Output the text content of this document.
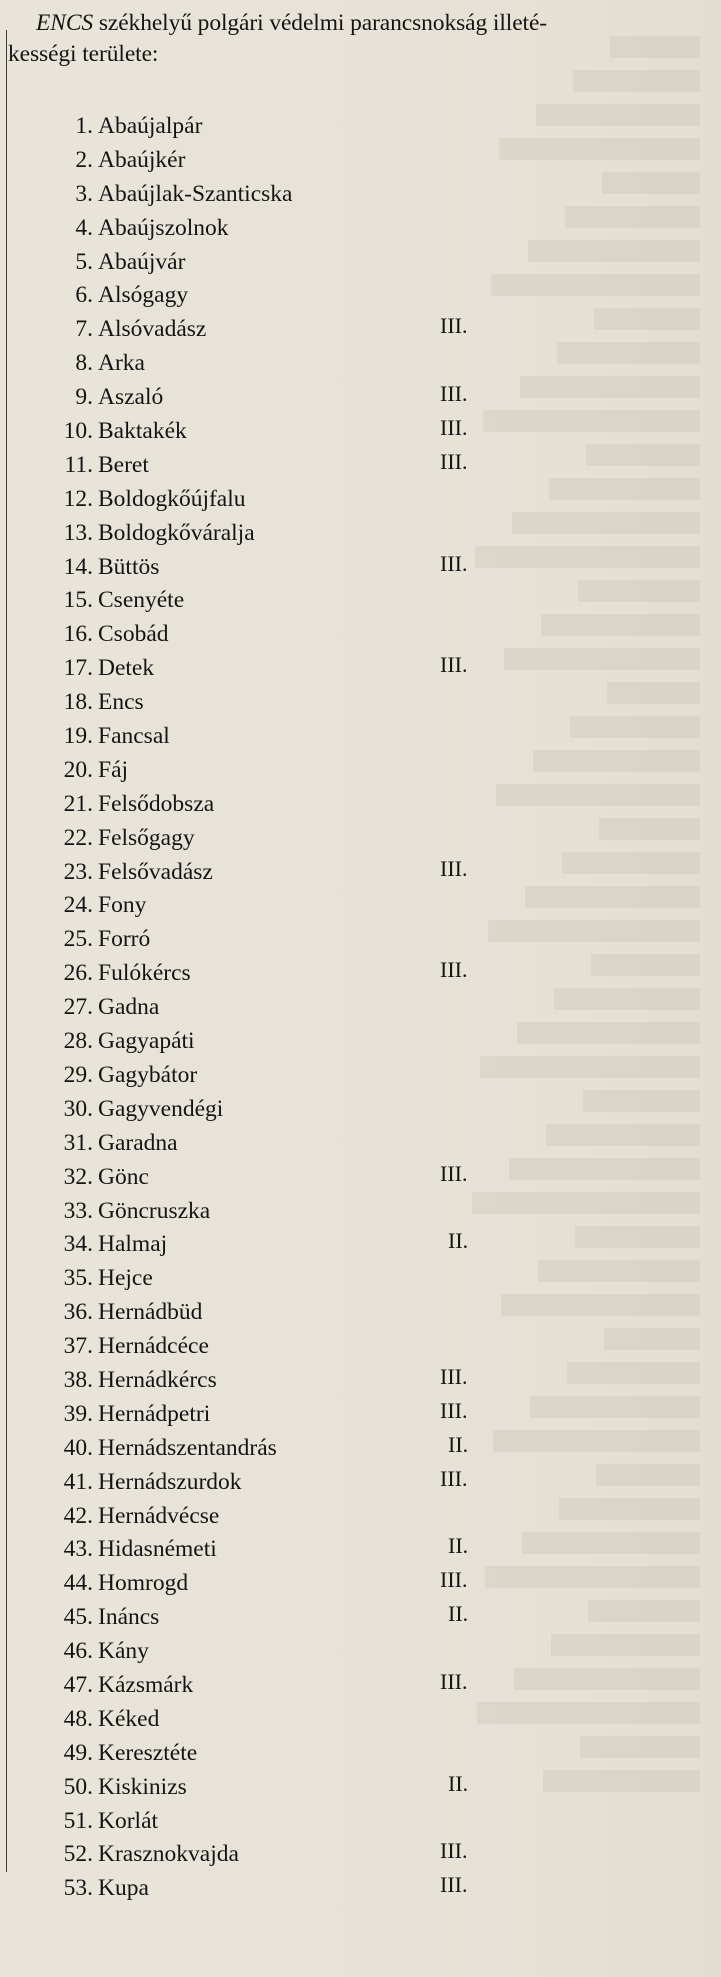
ENCS székhelyű polgári védelmi parancsnokság illeté-
kességi területe:
1. Abaújalpár
2. Abaújkér
3. Abaújlak-Szanticska
4. Abaújszolnok
5. Abaújvár
6. Alsógagy
7. Alsóvadász	III.
8. Arka
9. Aszaló	III.
10. Baktakék	III.
11. Beret	III.
12. Boldogkőújfalu
13. Boldogkőváralja
14. Büttös	III.
15. Csenyéte
16. Csobád
17. Detek	III.
18. Encs
19. Fancsal
20. Fáj
21. Felsődobsza
22. Felsőgagy
23. Felsővadász	III.
24. Fony
25. Forró
26. Fulókércs	III.
27. Gadna
28. Gagyapáti
29. Gagybátor
30. Gagyvendégi
31. Garadna
32. Gönc	III.
33. Göncruszka
34. Halmaj	II.
35. Hejce
36. Hernádbüd
37. Hernádcéce
38. Hernádkércs	III.
39. Hernádpetri	III.
40. Hernádszentandrás	II.
41. Hernádszurdok	III.
42. Hernádvécse
43. Hidasnémeti	II.
44. Homrogd	III.
45. Ináncs	II.
46. Kány
47. Kázsmárk	III.
48. Kéked
49. Keresztéte
50. Kiskinizs	II.
51. Korlát
52. Krasznokvajda	III.
53. Kupa	III.
